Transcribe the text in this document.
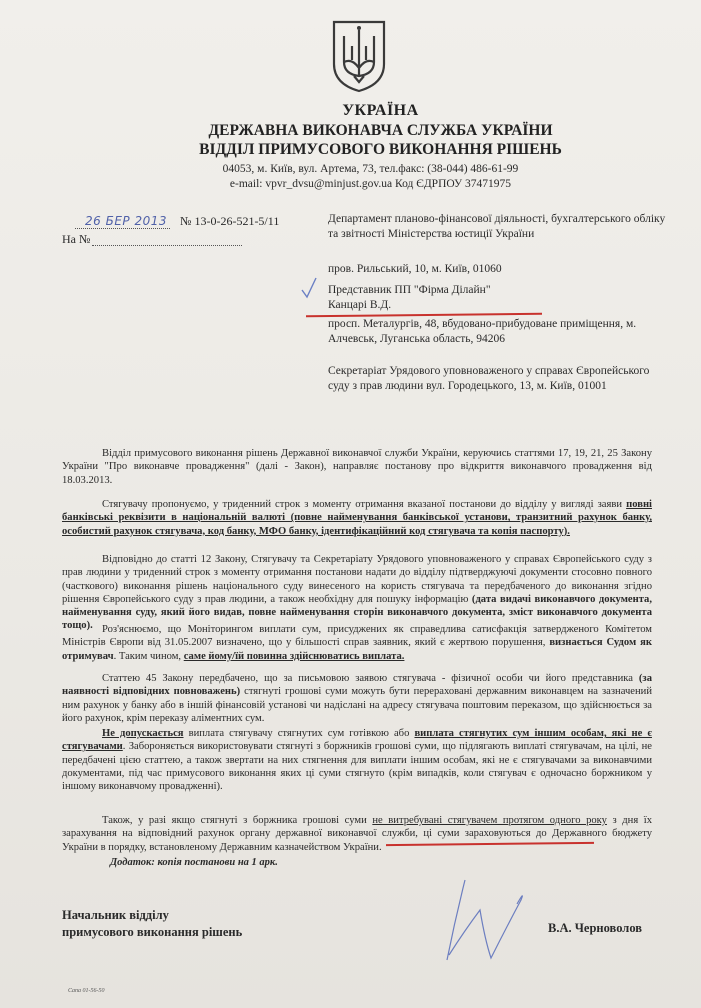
УКРАЇНА
ДЕРЖАВНА ВИКОНАВЧА СЛУЖБА УКРАЇНИ
ВІДДІЛ ПРИМУСОВОГО ВИКОНАННЯ РІШЕНЬ
04053, м. Київ, вул. Артема, 73, тел.факс: (38-044) 486-61-99
e-mail: vpvr_dvsu@minjust.gov.ua Код ЄДРПОУ 37471975
26 БЕР 2013 № 13-0-26-521-5/11
На №
Департамент планово-фінансової діяльності, бухгалтерського обліку та звітності Міністерства юстиції України
пров. Рильський, 10, м. Київ, 01060
Представник ПП "Фірма Ділайн"
Канцарі В.Д.
просп. Металургів, 48, вбудовано-прибудоване приміщення, м. Алчевськ, Луганська область, 94206
Секретаріат Урядового уповноваженого у справах Європейського суду з прав людини вул. Городецького, 13, м. Київ, 01001
Відділ примусового виконання рішень Державної виконавчої служби України, керуючись статтями 17, 19, 21, 25 Закону України "Про виконавче провадження" (далі - Закон), направляє постанову про відкриття виконавчого провадження від 18.03.2013.
Стягувачу пропонуємо, у триденний строк з моменту отримання вказаної постанови до відділу у вигляді заяви повні банківські реквізити в національній валюті (повне найменування банківської установи, транзитний рахунок банку, особистий рахунок стягувача, код банку, МФО банку, ідентифікаційний код стягувача та копія паспорту).
Відповідно до статті 12 Закону, Стягувачу та Секретаріату Урядового уповноваженого у справах Європейського суду з прав людини у триденний строк з моменту отримання постанови надати до відділу підтверджуючі документи стосовно повного (часткового) виконання рішень національного суду винесеного на користь стягувача та передбаченого до виконання згідно рішення Європейського суду з прав людини, а також необхідну для пошуку інформацію (дата видачі виконавчого документа, найменування суду, який його видав, повне найменування сторін виконавчого документа, зміст виконавчого документа тощо). Роз'яснюємо, що Моніторингом виплати сум, присуджених як справедлива сатисфакція затвердженого Комітетом Міністрів Європи від 31.05.2007 визначено, що у більшості справ заявник, який є жертвою порушення, визнається Судом як отримувач. Таким чином, саме йому/їй повинна здійснюватись виплата.
Статтею 45 Закону передбачено, що за письмовою заявою стягувача - фізичної особи чи його представника (за наявності відповідних повноважень) стягнуті грошові суми можуть бути перераховані державним виконавцем на зазначений ним рахунок у банку або в іншій фінансовій установі чи надіслані на адресу стягувача поштовим переказом, що здійснюється за його рахунок, крім переказу аліментних сум.
Не допускається виплата стягувачу стягнутих сум готівкою або виплата стягнутих сум іншим особам, які не є стягувачами. Забороняється використовувати стягнуті з боржників грошові суми, що підлягають виплаті стягувачам, на цілі, не передбачені цією статтею, а також звертати на них стягнення для виплати іншим особам, які не є стягувачами за виконавчими документами, під час примусового виконання яких ці суми стягнуто (крім випадків, коли стягувач є одночасно боржником у іншому виконавчому провадженні).
Також, у разі якщо стягнуті з боржника грошові суми не витребувані стягувачем протягом одного року з дня їх зарахування на відповідний рахунок органу державної виконавчої служби, ці суми зараховуються до Державного бюджету України в порядку, встановленому Державним казначейством України.
Додаток: копія постанови на 1 арк.
Начальник відділу
примусового виконання рішень	В.А. Черноволов
Сапа 01-56-50
